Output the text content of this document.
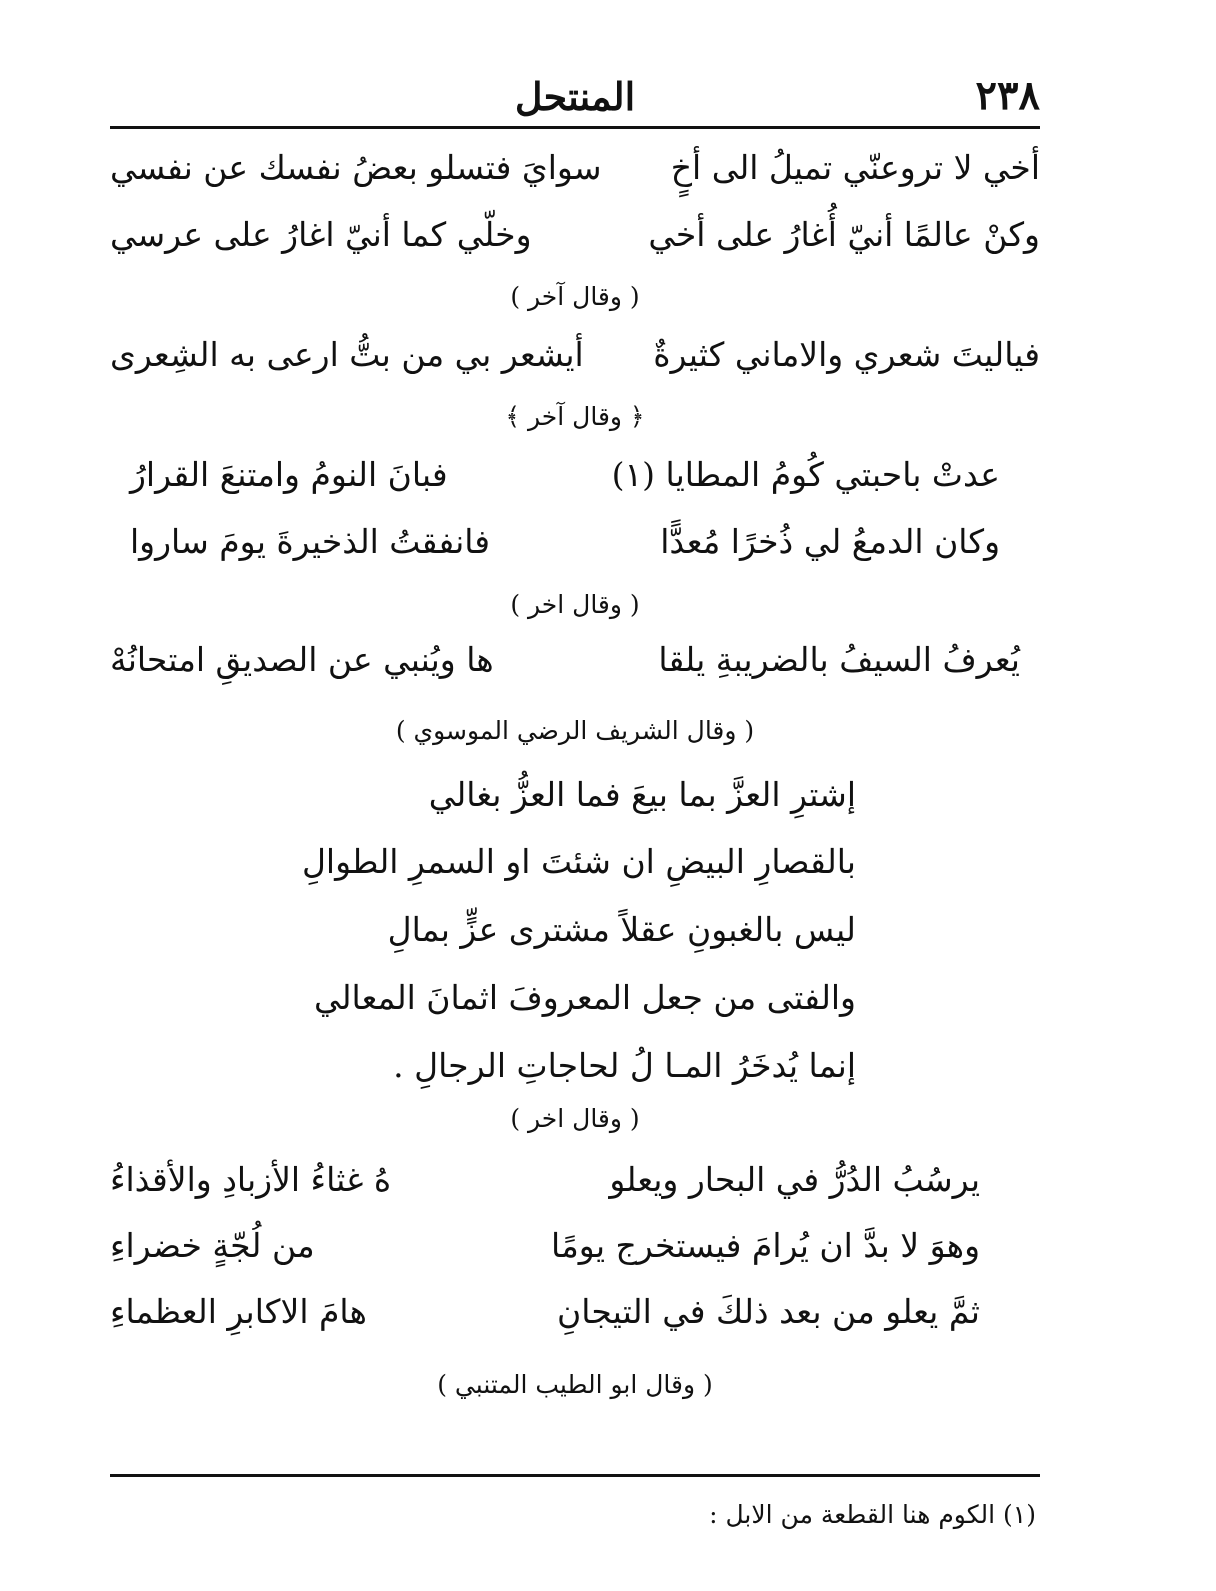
٢٣٨
المنتحل
أخي لا تروعنّي تميلُ الى أخٍ
سوايَ فتسلو بعضُ نفسك عن نفسي
وكنْ عالمًا أنيّ أُغارُ على أخي
وخلّي كما أنيّ اغارُ على عرسي
( وقال آخر )
فياليتَ شعري والاماني كثيرةٌ
أيشعر بي من بتُّ ارعى به الشِعرى
﴿ وقال آخر ﴾
عدتْ باحبتي كُومُ المطايا (١)
فبانَ النومُ وامتنعَ القرارُ
وكان الدمعُ لي ذُخرًا مُعدًّا
فانفقتُ الذخيرةَ يومَ ساروا
( وقال اخر )
يُعرفُ السيفُ بالضريبةِ يلقا
ها ويُنبي عن الصديقِ امتحانُهْ
( وقال الشريف الرضي الموسوي )
إشترِ العزَّ بما بيعَ فما العزُّ بغالي
بالقصارِ البيضِ ان شئتَ او السمرِ الطوالِ
ليس بالغبونِ عقلاً مشترى عزٍّ بمالِ
والفتى من جعل المعروفَ اثمانَ المعالي
إنما يُدخَرُ المـا لُ لحاجاتِ الرجالِ .
( وقال اخر )
يرسُبُ الدُرُّ في البحار ويعلو
هُ غثاءُ الأزبادِ والأقذاءُ
وهوَ لا بدَّ ان يُرامَ فيستخرج يومًا
من لُجّةٍ خضراءِ
ثمَّ يعلو من بعد ذلكَ في التيجانِ
هامَ الاكابرِ العظماءِ
( وقال ابو الطيب المتنبي )
(١) الكوم هنا القطعة من الابل :
